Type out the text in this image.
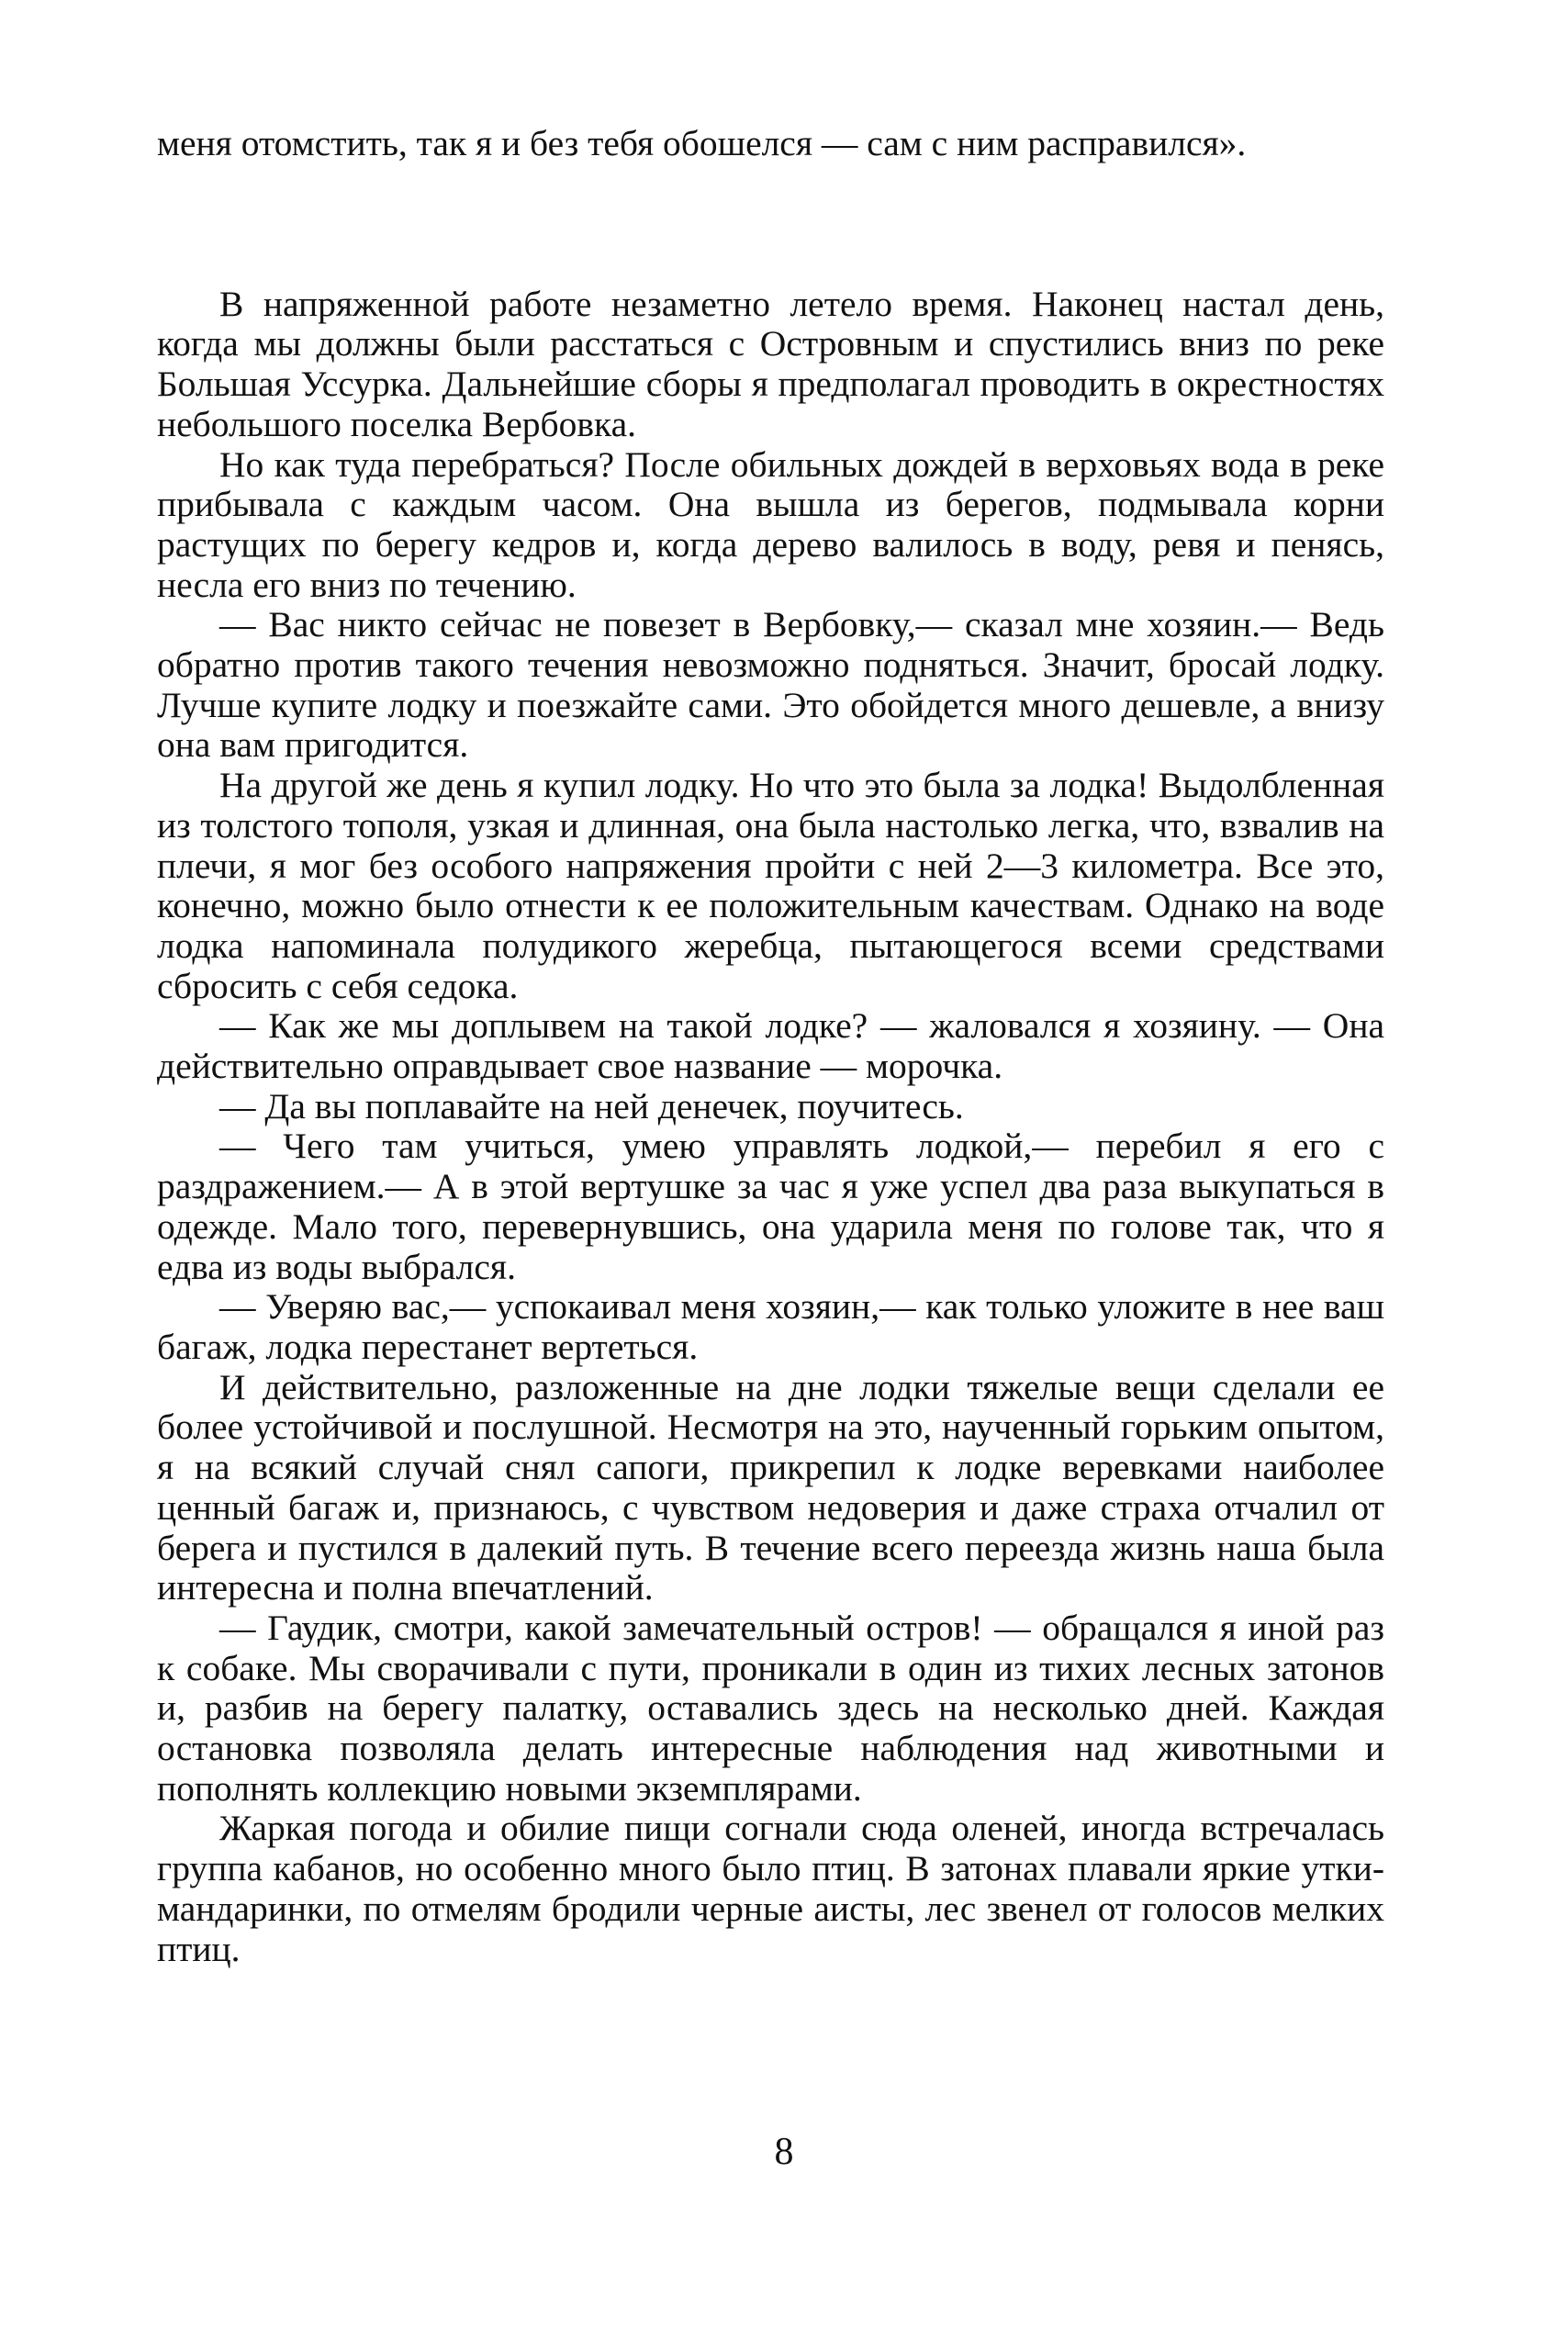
меня отомстить, так я и без тебя обошелся — сам с ним расправился».

В напряженной работе незаметно летело время. Наконец настал день, когда мы должны были расстаться с Островным и спустились вниз по реке Большая Уссурка. Дальнейшие сборы я предполагал проводить в окрестностях небольшого поселка Вербовка.

Но как туда перебраться? После обильных дождей в верховьях вода в реке прибывала с каждым часом. Она вышла из берегов, подмывала корни растущих по берегу кедров и, когда дерево валилось в воду, ревя и пенясь, несла его вниз по течению.

— Вас никто сейчас не повезет в Вербовку,— сказал мне хозяин.— Ведь обратно против такого течения невозможно подняться. Значит, бросай лодку. Лучше купите лодку и поезжайте сами. Это обойдется много дешевле, а внизу она вам пригодится.

На другой же день я купил лодку. Но что это была за лодка! Выдолбленная из толстого тополя, узкая и длинная, она была настолько легка, что, взвалив на плечи, я мог без особого напряжения пройти с ней 2—3 километра. Все это, конечно, можно было отнести к ее положительным качествам. Однако на воде лодка напоминала полудикого жеребца, пытающегося всеми средствами сбросить с себя седока.

— Как же мы доплывем на такой лодке? — жаловался я хозяину. — Она действительно оправдывает свое название — морочка.

— Да вы поплавайте на ней денечек, поучитесь.

— Чего там учиться, умею управлять лодкой,— перебил я его с раздражением.— А в этой вертушке за час я уже успел два раза выкупаться в одежде. Мало того, перевернувшись, она ударила меня по голове так, что я едва из воды выбрался.

— Уверяю вас,— успокаивал меня хозяин,— как только уложите в нее ваш багаж, лодка перестанет вертеться.

И действительно, разложенные на дне лодки тяжелые вещи сделали ее более устойчивой и послушной. Несмотря на это, наученный горьким опытом, я на всякий случай снял сапоги, прикрепил к лодке веревками наиболее ценный багаж и, признаюсь, с чувством недоверия и даже страха отчалил от берега и пустился в далекий путь. В течение всего переезда жизнь наша была интересна и полна впечатлений.

— Гаудик, смотри, какой замечательный остров! — обращался я иной раз к собаке. Мы сворачивали с пути, проникали в один из тихих лесных затонов и, разбив на берегу палатку, оставались здесь на несколько дней. Каждая остановка позволяла делать интересные наблюдения над животными и пополнять коллекцию новыми экземплярами.

Жаркая погода и обилие пищи согнали сюда оленей, иногда встречалась группа кабанов, но особенно много было птиц. В затонах плавали яркие утки-мандаринки, по отмелям бродили черные аисты, лес звенел от голосов мелких птиц.

8
